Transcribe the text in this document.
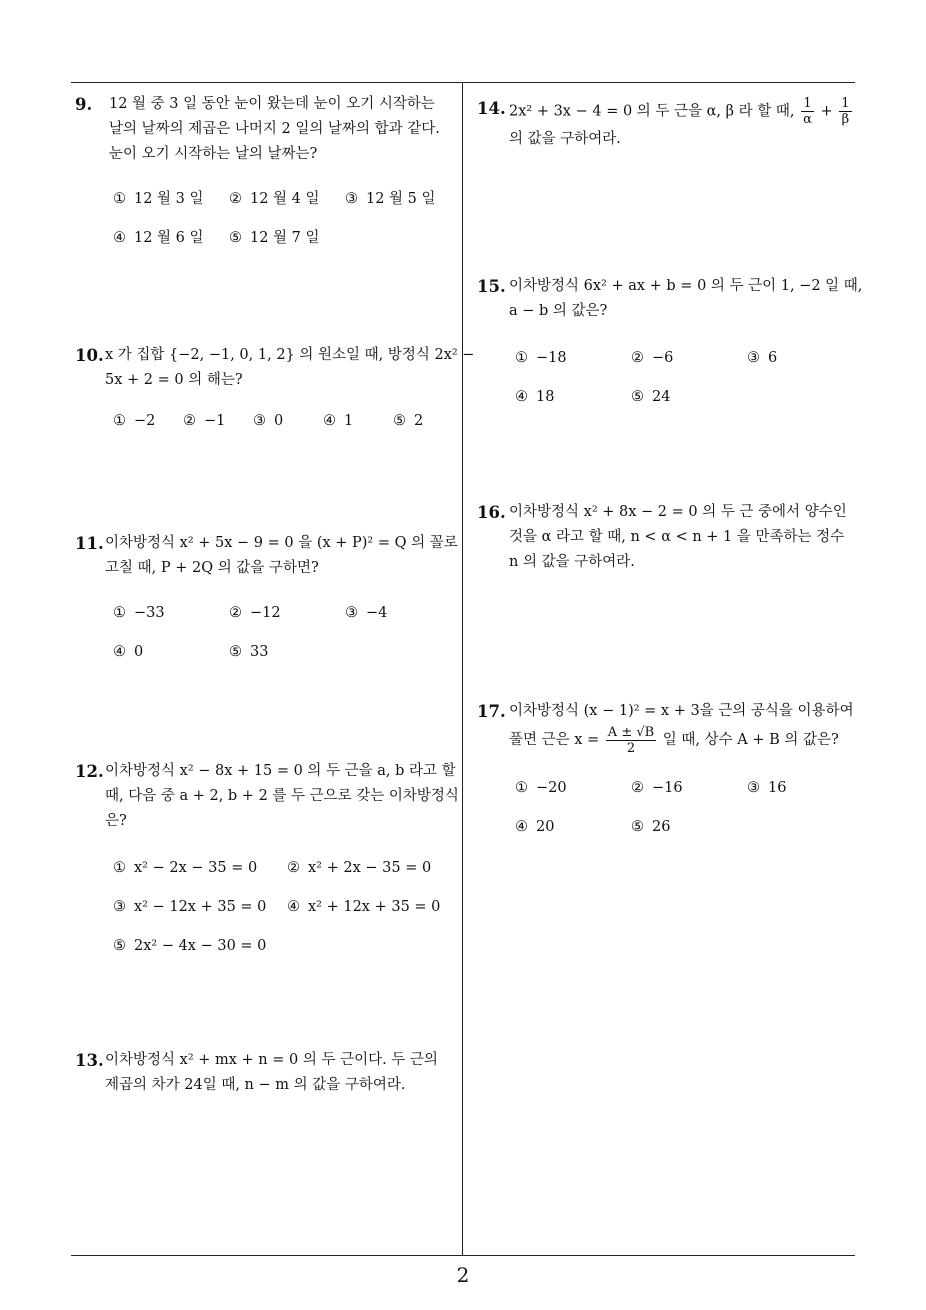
9. 12 월 중 3 일 동안 눈이 왔는데 눈이 오기 시작하는
날의 날짜의 제곱은 나머지 2 일의 날짜의 합과 같다.
눈이 오기 시작하는 날의 날짜는?
① 12 월 3 일 ② 12 월 4 일 ③ 12 월 5 일
④ 12 월 6 일 ⑤ 12 월 7 일
10. x 가 집합 {−2, −1, 0, 1, 2} 의 원소일 때, 방정식 2x² −
5x + 2 = 0 의 해는?
① −2 ② −1 ③ 0	④ 1	⑤ 2
11. 이차방정식 x² + 5x − 9 = 0 을 (x + P)² = Q 의 꼴로
고칠 때, P + 2Q 의 값을 구하면?
① −33	② −12	③ −4
④ 0	⑤ 33
12. 이차방정식 x² − 8x + 15 = 0 의 두 근을 a, b 라고 할
때, 다음 중 a + 2, b + 2 를 두 근으로 갖는 이차방정식
은?
① x² − 2x − 35 = 0 ② x² + 2x − 35 = 0
③ x² − 12x + 35 = 0 ④ x² + 12x + 35 = 0
⑤ 2x² − 4x − 30 = 0
13. 이차방정식 x² + mx + n = 0 의 두 근이다. 두 근의
제곱의 차가 24일 때, n − m 의 값을 구하여라.
14. 2x² + 3x − 4 = 0 의 두 근을 α, β 라 할 때, $\frac{1}{\alpha} + \frac{1}{\beta}$
의 값을 구하여라.
15. 이차방정식 6x² + ax + b = 0 의 두 근이 1, −2 일 때,
a − b 의 값은?
① −18	② −6	③ 6
④ 18	⑤ 24
16. 이차방정식 x² + 8x − 2 = 0 의 두 근 중에서 양수인
것을 α 라고 할 때, n < α < n + 1 을 만족하는 정수
n 의 값을 구하여라.
17. 이차방정식 (x − 1)² = x + 3을 근의 공식을 이용하여
풀면 근은 $x = \frac{A \pm √B}{2}$ 일 때, 상수 A + B 의 값은?
① −20	② −16	③ 16
④ 20	⑤ 26
2
